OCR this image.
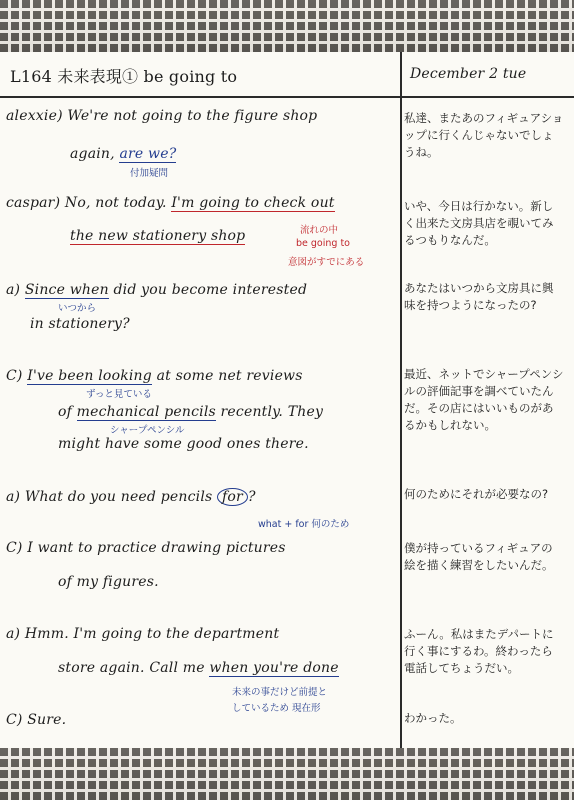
L164 未来表現① be going to	December 2 tue
alexxie) We're not going to the figure shop
again, are we?
付加疑問
caspar) No, not today. I'm going to check out
the new stationery shop	流れの中
be going to
意図がすでにある
a) Since when did you become interested
いつから
in stationery?
C) I've been looking at some net reviews
ずっと見ている
of mechanical pencils recently. They
シャープペンシル
might have some good ones there.
a) What do you need pencils for ?
what + for 何のため
C) I want to practice drawing pictures
of my figures.
a) Hmm. I'm going to the department
store again. Call me when you're done
未来の事だけど前提と
しているため 現在形
C) Sure.
私達、またあのフィギュアショップに行くんじゃないでしょうね。
いや、今日は行かない。新しく出来た文房具店を覗いてみるつもりなんだ。
あなたはいつから文房具に興味を持つようになったの?
最近、ネットでシャープペンシルの評価記事を調べていたんだ。その店にはいいものがあるかもしれない。
何のためにそれが必要なの?
僕が持っているフィギュアの絵を描く練習をしたいんだ。
ふーん。私はまたデパートに行く事にするわ。終わったら電話してちょうだい。
わかった。
